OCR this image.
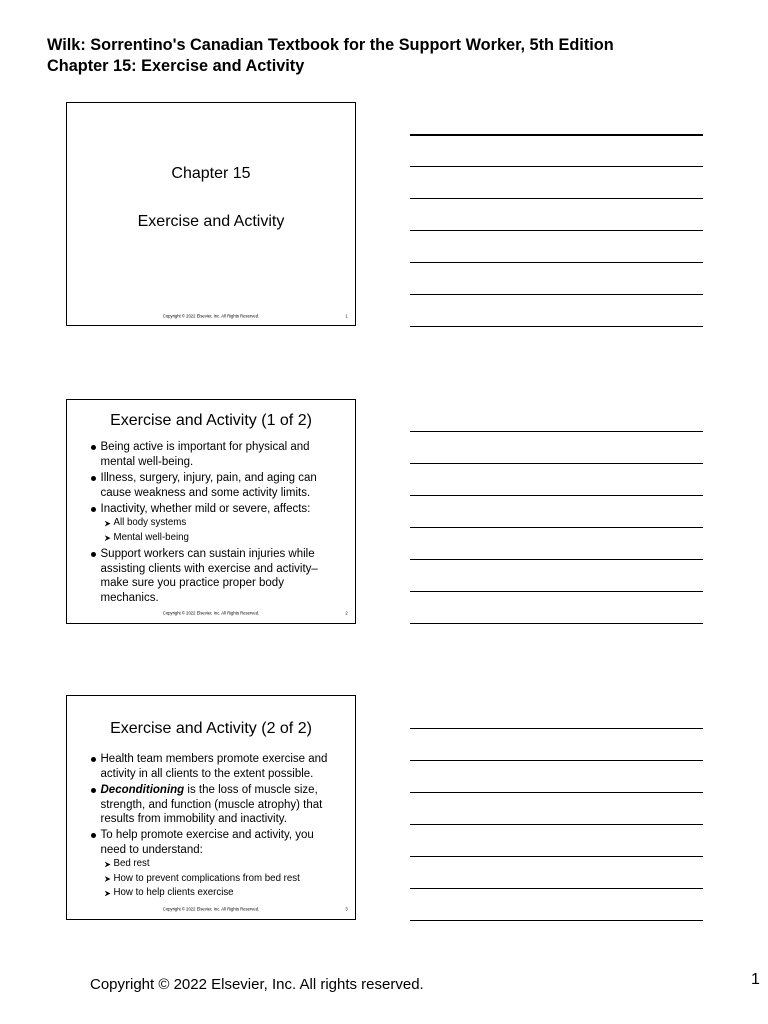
Wilk: Sorrentino's Canadian Textbook for the Support Worker, 5th Edition
Chapter 15: Exercise and Activity
Chapter 15
Exercise and Activity
Copyright © 2022 Elsevier, Inc. All Rights Reserved.	1
Exercise and Activity (1 of 2)
Being active is important for physical and mental well-being.
Illness, surgery, injury, pain, and aging can cause weakness and some activity limits.
Inactivity, whether mild or severe, affects:
All body systems
Mental well-being
Support workers can sustain injuries while assisting clients with exercise and activity–make sure you practice proper body mechanics.
Copyright © 2022 Elsevier, Inc. All Rights Reserved.	2
Exercise and Activity (2 of 2)
Health team members promote exercise and activity in all clients to the extent possible.
Deconditioning is the loss of muscle size, strength, and function (muscle atrophy) that results from immobility and inactivity.
To help promote exercise and activity, you need to understand:
Bed rest
How to prevent complications from bed rest
How to help clients exercise
Copyright © 2022 Elsevier, Inc. All Rights Reserved.	3
Copyright © 2022 Elsevier, Inc. All rights reserved.	1
